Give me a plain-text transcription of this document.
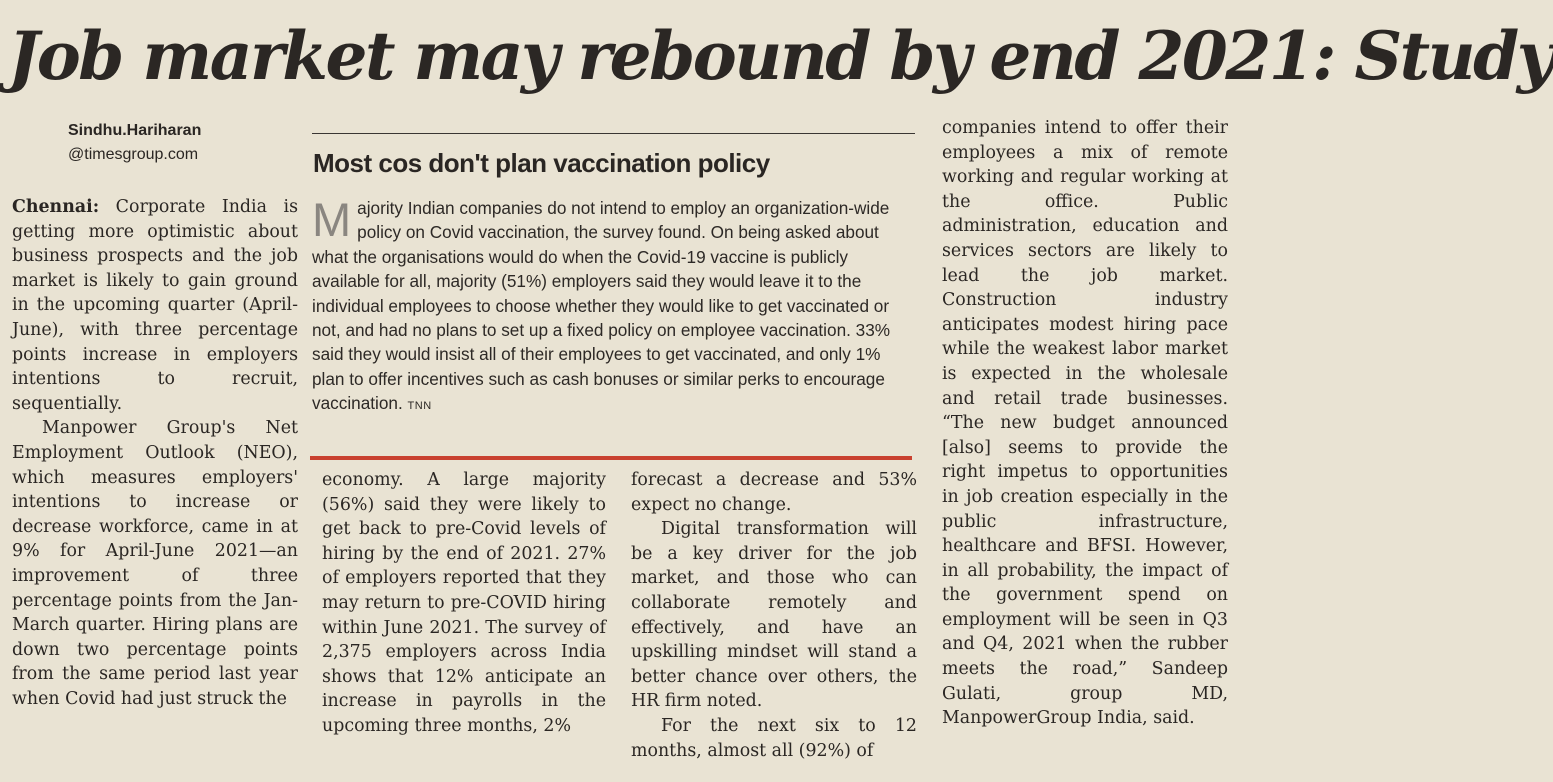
Job market may rebound by end 2021: Study
Sindhu.Hariharan
@timesgroup.com

Chennai: Corporate India is getting more optimistic about business prospects and the job market is likely to gain ground in the upcoming quarter (April-June), with three percentage points increase in employers intentions to recruit, sequentially.

Manpower Group's Net Employment Outlook (NEO), which measures employers' intentions to increase or decrease workforce, came in at 9% for April-June 2021—an improvement of three percentage points from the Jan-March quarter. Hiring plans are down two percentage points from the same period last year when Covid had just struck the

Most cos don't plan vaccination policy
Majority Indian companies do not intend to employ an organization-wide policy on Covid vaccination, the survey found. On being asked about what the organisations would do when the Covid-19 vaccine is publicly available for all, majority (51%) employers said they would leave it to the individual employees to choose whether they would like to get vaccinated or not, and had no plans to set up a fixed policy on employee vaccination. 33% said they would insist all of their employees to get vaccinated, and only 1% plan to offer incentives such as cash bonuses or similar perks to encourage vaccination. TNN

economy. A large majority (56%) said they were likely to get back to pre-Covid levels of hiring by the end of 2021. 27% of employers reported that they may return to pre-COVID hiring within June 2021. The survey of 2,375 employers across India shows that 12% anticipate an increase in payrolls in the upcoming three months, 2%

forecast a decrease and 53% expect no change.

Digital transformation will be a key driver for the job market, and those who can collaborate remotely and effectively, and have an upskilling mindset will stand a better chance over others, the HR firm noted.

For the next six to 12 months, almost all (92%) of

companies intend to offer their employees a mix of remote working and regular working at the office. Public administration, education and services sectors are likely to lead the job market. Construction industry anticipates modest hiring pace while the weakest labor market is expected in the wholesale and retail trade businesses. “The new budget announced [also] seems to provide the right impetus to opportunities in job creation especially in the public infrastructure, healthcare and BFSI. However, in all probability, the impact of the government spend on employment will be seen in Q3 and Q4, 2021 when the rubber meets the road,” Sandeep Gulati, group MD, ManpowerGroup India, said.
